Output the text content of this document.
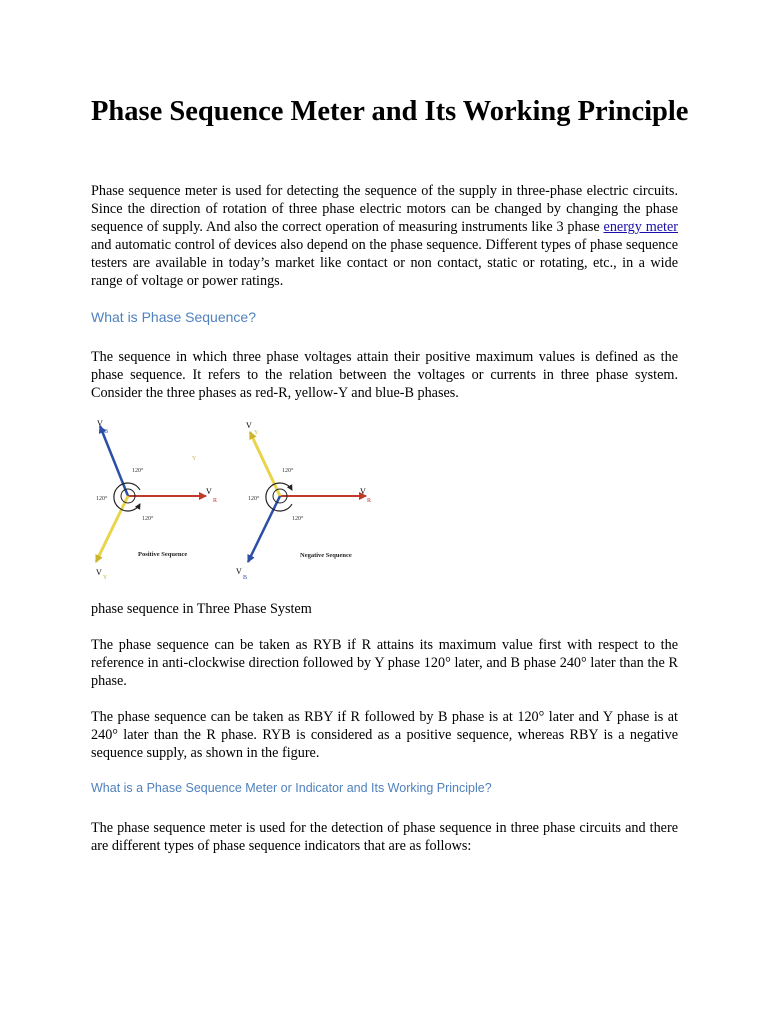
Phase Sequence Meter and Its Working Principle

Phase sequence meter is used for detecting the sequence of the supply in three-phase electric circuits. Since the direction of rotation of three phase electric motors can be changed by changing the phase sequence of supply. And also the correct operation of measuring instruments like 3 phase energy meter and automatic control of devices also depend on the phase sequence. Different types of phase sequence testers are available in today’s market like contact or non contact, static or rotating, etc., in a wide range of voltage or power ratings.

What is Phase Sequence?

The sequence in which three phase voltages attain their positive maximum values is defined as the phase sequence. It refers to the relation between the voltages or currents in three phase system. Consider the three phases as red-R, yellow-Y and blue-B phases.

120°
120°
120°
V
R
V
B
V
Y
Y
Positive Sequence
120°
120°
120°
V
R
V
Y
V
B
Negative Sequence

phase sequence in Three Phase System

The phase sequence can be taken as RYB if R attains its maximum value first with respect to the reference in anti-clockwise direction followed by Y phase 120° later, and B phase 240° later than the R phase.

The phase sequence can be taken as RBY if R followed by B phase is at 120° later and Y phase is at 240° later than the R phase. RYB is considered as a positive sequence, whereas RBY is a negative sequence supply, as shown in the figure.

What is a Phase Sequence Meter or Indicator and Its Working Principle?

The phase sequence meter is used for the detection of phase sequence in three phase circuits and there are different types of phase sequence indicators that are as follows:
